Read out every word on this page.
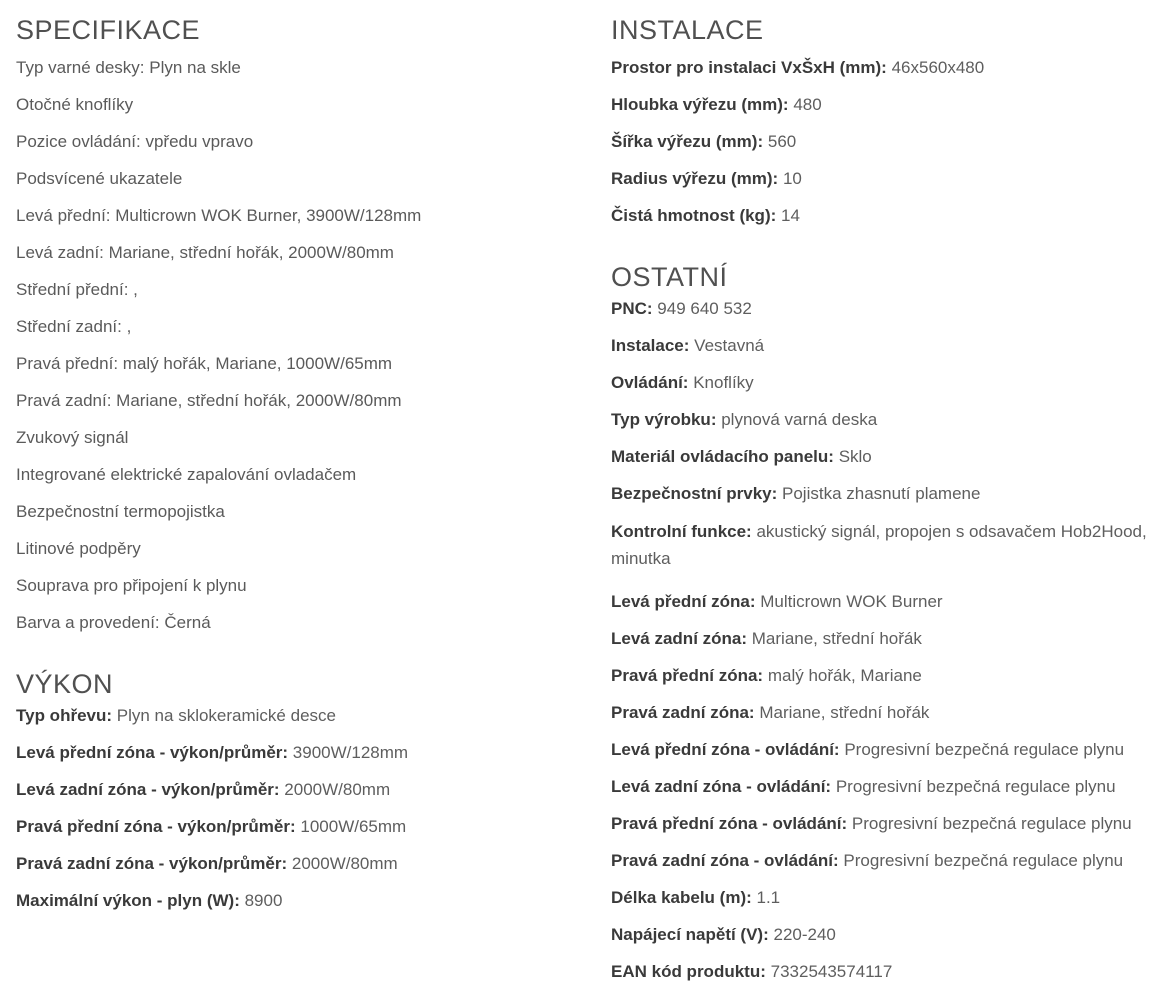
SPECIFIKACE
Typ varné desky: Plyn na skle
Otočné knoflíky
Pozice ovládání: vpředu vpravo
Podsvícené ukazatele
Levá přední: Multicrown WOK Burner, 3900W/128mm
Levá zadní: Mariane, střední hořák, 2000W/80mm
Střední přední: ,
Střední zadní: ,
Pravá přední: malý hořák, Mariane, 1000W/65mm
Pravá zadní: Mariane, střední hořák, 2000W/80mm
Zvukový signál
Integrované elektrické zapalování ovladačem
Bezpečnostní termopojistka
Litinové podpěry
Souprava pro připojení k plynu
Barva a provedení: Černá
VÝKON
Typ ohřevu: Plyn na sklokeramické desce
Levá přední zóna - výkon/průměr: 3900W/128mm
Levá zadní zóna - výkon/průměr: 2000W/80mm
Pravá přední zóna - výkon/průměr: 1000W/65mm
Pravá zadní zóna - výkon/průměr: 2000W/80mm
Maximální výkon - plyn (W): 8900
INSTALACE
Prostor pro instalaci VxŠxH (mm): 46x560x480
Hloubka výřezu (mm): 480
Šířka výřezu (mm): 560
Radius výřezu (mm): 10
Čistá hmotnost (kg): 14
OSTATNÍ
PNC: 949 640 532
Instalace: Vestavná
Ovládání: Knoflíky
Typ výrobku: plynová varná deska
Materiál ovládacího panelu: Sklo
Bezpečnostní prvky: Pojistka zhasnutí plamene
Kontrolní funkce: akustický signál, propojen s odsavačem Hob2Hood, minutka
Levá přední zóna: Multicrown WOK Burner
Levá zadní zóna: Mariane, střední hořák
Pravá přední zóna: malý hořák, Mariane
Pravá zadní zóna: Mariane, střední hořák
Levá přední zóna - ovládání: Progresivní bezpečná regulace plynu
Levá zadní zóna - ovládání: Progresivní bezpečná regulace plynu
Pravá přední zóna - ovládání: Progresivní bezpečná regulace plynu
Pravá zadní zóna - ovládání: Progresivní bezpečná regulace plynu
Délka kabelu (m): 1.1
Napájecí napětí (V): 220-240
EAN kód produktu: 7332543574117
